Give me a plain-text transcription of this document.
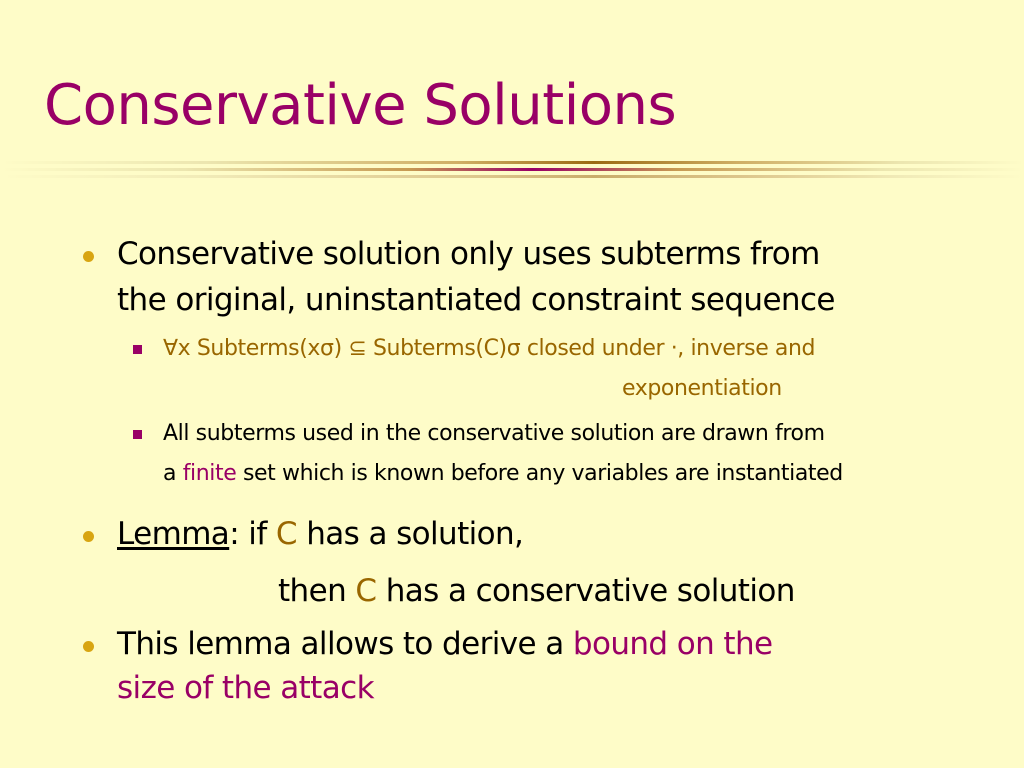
Conservative Solutions
Conservative solution only uses subterms from
the original, uninstantiated constraint sequence
∀x Subterms(xσ) ⊆ Subterms(C)σ closed under ·, inverse and
exponentiation
All subterms used in the conservative solution are drawn from
a finite set which is known before any variables are instantiated
Lemma: if C has a solution,
then C has a conservative solution
This lemma allows to derive a bound on the
size of the attack
